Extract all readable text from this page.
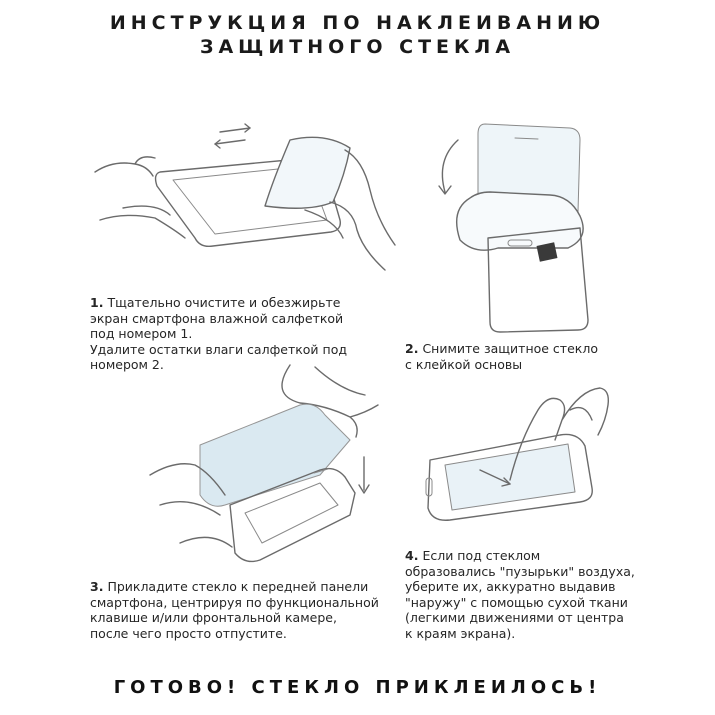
ИНСТРУКЦИЯ ПО НАКЛЕИВАНИЮ
ЗАЩИТНОГО СТЕКЛА
1. Тщательно очистите и обезжирьте
экран смартфона влажной салфеткой
под номером 1.
Удалите остатки влаги салфеткой под
номером 2.
2. Снимите защитное стекло
с клейкой основы
3. Приклaдите стекло к передней панели
смартфона, центрируя по функциональной
клавише и/или фронтальной камере,
после чего просто отпустите.
4. Если под стеклом
образовались "пузырьки" воздуха,
уберите их, аккуратно выдавив
"наружу" с помощью сухой ткани
(легкими движениями от центра
к краям экрана).
ГОТОВО! СТЕКЛО ПРИКЛЕИЛОСЬ!
